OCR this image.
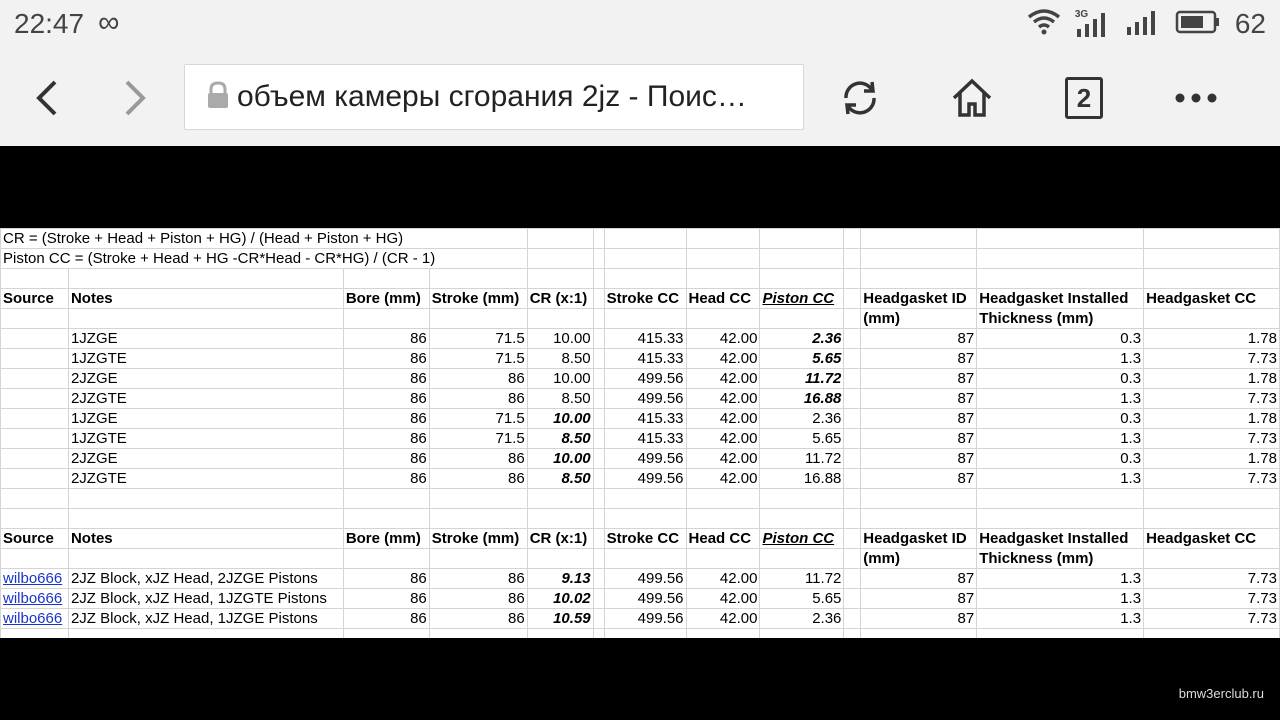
22:47 ∞	3G	62
объем камеры сгорания 2jz - Поис…	2
CR = (Stroke + Head + Piston + HG) / (Head + Piston + HG)												
Piston CC = (Stroke + Head + HG -CR*Head - CR*HG) / (CR - 1)												

Source	Notes	Bore (mm)	Stroke (mm)	CR (x:1)		Stroke CC	Head CC	Piston CC		Headgasket ID	Headgasket Installed	Headgasket CC
										(mm)	Thickness (mm)	
	1JZGE	86	71.5	10.00		415.33	42.00	2.36		87	0.3	1.78
	1JZGTE	86	71.5	8.50		415.33	42.00	5.65		87	1.3	7.73
	2JZGE	86	86	10.00		499.56	42.00	11.72		87	0.3	1.78
	2JZGTE	86	86	8.50		499.56	42.00	16.88		87	1.3	7.73
	1JZGE	86	71.5	10.00		415.33	42.00	2.36		87	0.3	1.78
	1JZGTE	86	71.5	8.50		415.33	42.00	5.65		87	1.3	7.73
	2JZGE	86	86	10.00		499.56	42.00	11.72		87	0.3	1.78
	2JZGTE	86	86	8.50		499.56	42.00	16.88		87	1.3	7.73

Source	Notes	Bore (mm)	Stroke (mm)	CR (x:1)		Stroke CC	Head CC	Piston CC		Headgasket ID	Headgasket Installed	Headgasket CC
										(mm)	Thickness (mm)	
wilbo666	2JZ Block, xJZ Head, 2JZGE Pistons	86	86	9.13		499.56	42.00	11.72		87	1.3	7.73
wilbo666	2JZ Block, xJZ Head, 1JZGTE Pistons	86	86	10.02		499.56	42.00	5.65		87	1.3	7.73
wilbo666	2JZ Block, xJZ Head, 1JZGE Pistons	86	86	10.59		499.56	42.00	2.36		87	1.3	7.73

bmw3erclub.ru
